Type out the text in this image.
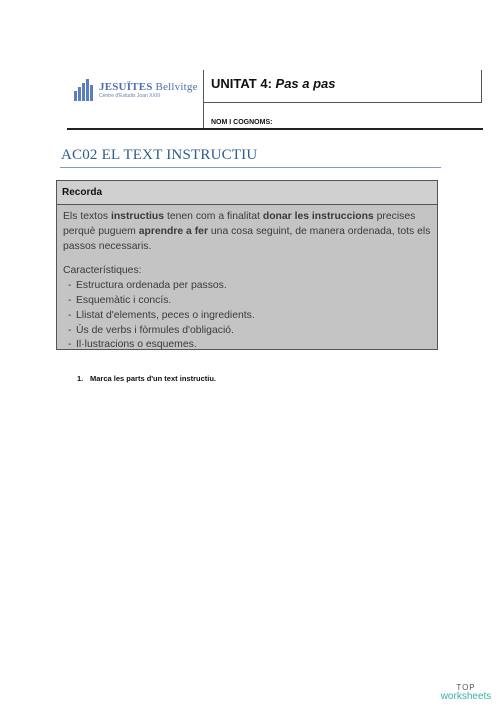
JESUÏTES Bellvitge
Centre d'Estudis Joan XXIII
UNITAT 4: Pas a pas
NOM I COGNOMS:
AC02 EL TEXT INSTRUCTIU
Recorda

Els textos instructius tenen com a finalitat donar les instruccions precises perquè puguem aprendre a fer una cosa seguint, de manera ordenada, tots els passos necessaris.

Característiques:

- Estructura ordenada per passos.
- Esquemàtic i concís.
- Llistat d'elements, peces o ingredients.
- Ús de verbs i fòrmules d'obligació.
- Il·lustracions o esquemes.
1. Marca les parts d'un text instructiu.
TOP
worksheets
